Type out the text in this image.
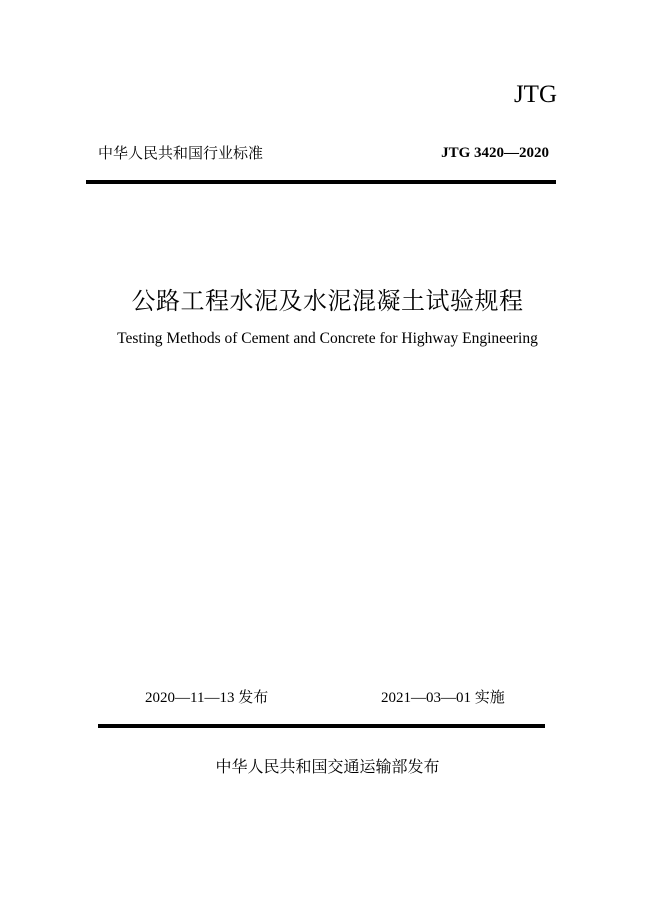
JTG
中华人民共和国行业标准	JTG 3420—2020
公路工程水泥及水泥混凝土试验规程
Testing Methods of Cement and Concrete for Highway Engineering
2020—11—13 发布	2021—03—01 实施
中华人民共和国交通运输部发布
